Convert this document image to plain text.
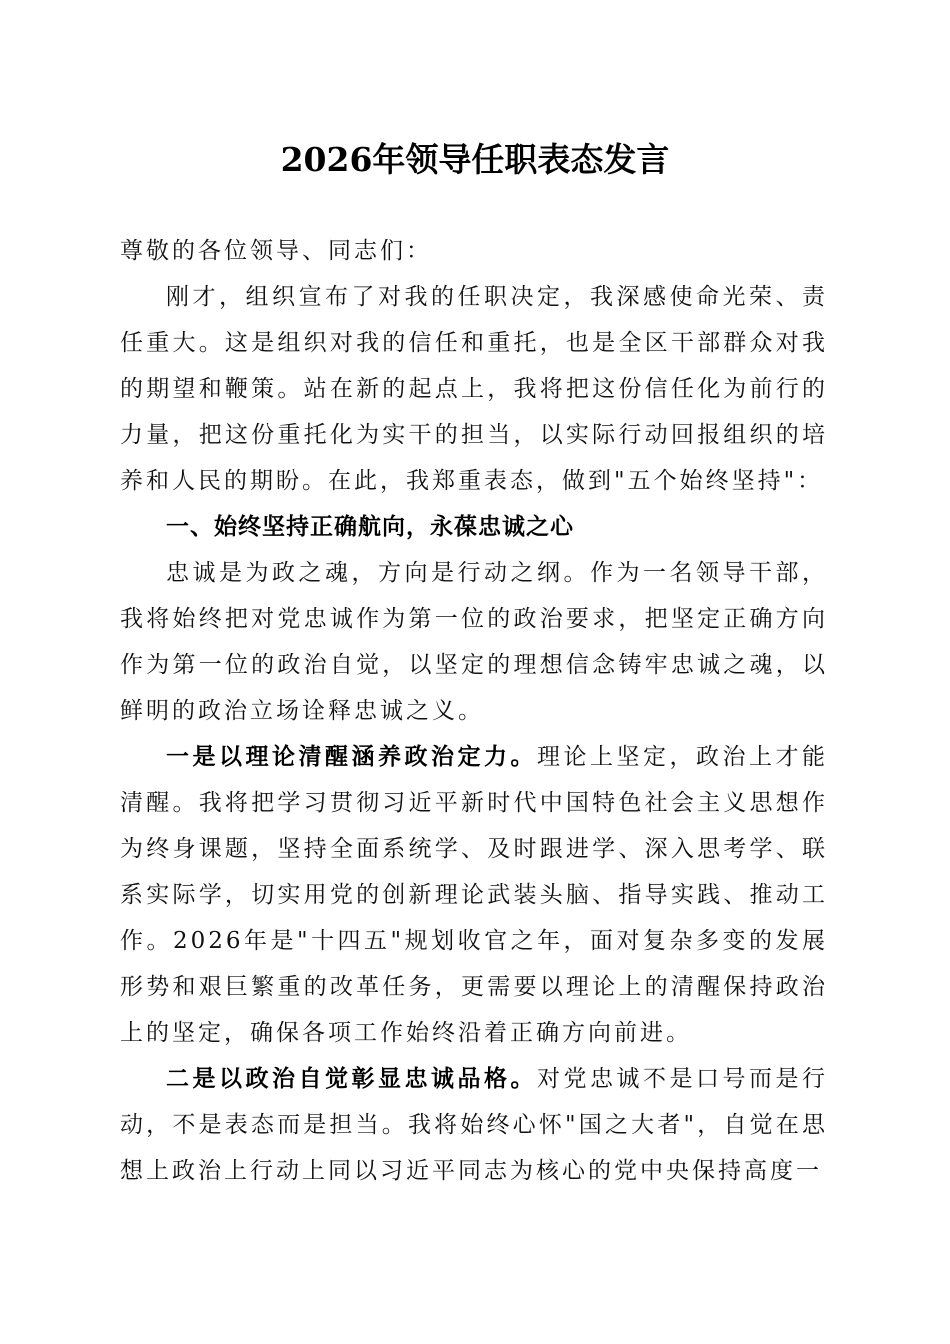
2026年领导任职表态发言

尊敬的各位领导、同志们：

刚才，组织宣布了对我的任职决定，我深感使命光荣、责任重大。这是组织对我的信任和重托，也是全区干部群众对我的期望和鞭策。站在新的起点上，我将把这份信任化为前行的力量，把这份重托化为实干的担当，以实际行动回报组织的培养和人民的期盼。在此，我郑重表态，做到"五个始终坚持"：

一、始终坚持正确航向，永葆忠诚之心

忠诚是为政之魂，方向是行动之纲。作为一名领导干部，我将始终把对党忠诚作为第一位的政治要求，把坚定正确方向作为第一位的政治自觉，以坚定的理想信念铸牢忠诚之魂，以鲜明的政治立场诠释忠诚之义。

一是以理论清醒涵养政治定力。理论上坚定，政治上才能清醒。我将把学习贯彻习近平新时代中国特色社会主义思想作为终身课题，坚持全面系统学、及时跟进学、深入思考学、联系实际学，切实用党的创新理论武装头脑、指导实践、推动工作。2026年是"十四五"规划收官之年，面对复杂多变的发展形势和艰巨繁重的改革任务，更需要以理论上的清醒保持政治上的坚定，确保各项工作始终沿着正确方向前进。

二是以政治自觉彰显忠诚品格。对党忠诚不是口号而是行动，不是表态而是担当。我将始终心怀"国之大者"，自觉在思想上政治上行动上同以习近平同志为核心的党中央保持高度一
